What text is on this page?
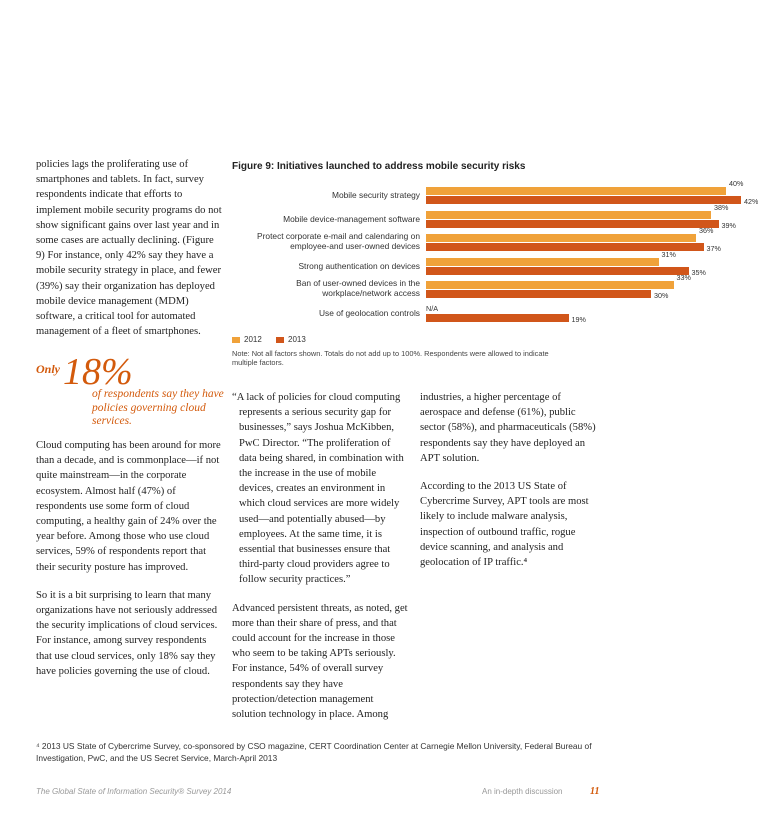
policies lags the proliferating use of smartphones and tablets. In fact, survey respondents indicate that efforts to implement mobile security programs do not show significant gains over last year and in some cases are actually declining. (Figure 9) For instance, only 42% say they have a mobile security strategy in place, and fewer (39%) say their organization has deployed mobile device management (MDM) software, a critical tool for automated management of a fleet of smartphones.

Only 18%
of respondents say they have policies governing cloud services.

Cloud computing has been around for more than a decade, and is commonplace—if not quite mainstream—in the corporate ecosystem. Almost half (47%) of respondents use some form of cloud computing, a healthy gain of 24% over the year before. Among those who use cloud services, 59% of respondents report that their security posture has improved.

So it is a bit surprising to learn that many organizations have not seriously addressed the security implications of cloud services. For instance, among survey respondents that use cloud services, only 18% say they have policies governing the use of cloud.

“A lack of policies for cloud computing represents a serious security gap for businesses,” says Joshua McKibben, PwC Director. “The proliferation of data being shared, in combination with the increase in the use of mobile devices, creates an environment in which cloud services are more widely used—and potentially abused—by employees. At the same time, it is essential that businesses ensure that third-party cloud providers agree to follow security practices.”

Advanced persistent threats, as noted, get more than their share of press, and that could account for the increase in those who seem to be taking APTs seriously. For instance, 54% of overall survey respondents say they have protection/detection management solution technology in place. Among

industries, a higher percentage of aerospace and defense (61%), public sector (58%), and pharmaceuticals (58%) respondents say they have deployed an APT solution.

According to the 2013 US State of Cybercrime Survey, APT tools are most likely to include malware analysis, inspection of outbound traffic, rogue device scanning, and analysis and geolocation of IP traffic.⁴

Figure 9: Initiatives launched to address mobile security risks
2012	2013
Note: Not all factors shown. Totals do not add up to 100%. Respondents were allowed to indicate multiple factors.
Mobile security strategy
40%
42%
Mobile device-management software
38%
39%
Protect corporate e-mail and calendaring on
employee-and user-owned devices
36%
37%
Strong authentication on devices
31%
35%
Ban of user-owned devices in the
workplace/network access
33%
30%
Use of geolocation controls N/A
19%
⁴ 2013 US State of Cybercrime Survey, co-sponsored by CSO magazine, CERT Coordination Center at Carnegie Mellon University, Federal Bureau of Investigation, PwC, and the US Secret Service, March-April 2013
The Global State of Information Security® Survey 2014	An in-depth discussion	11
